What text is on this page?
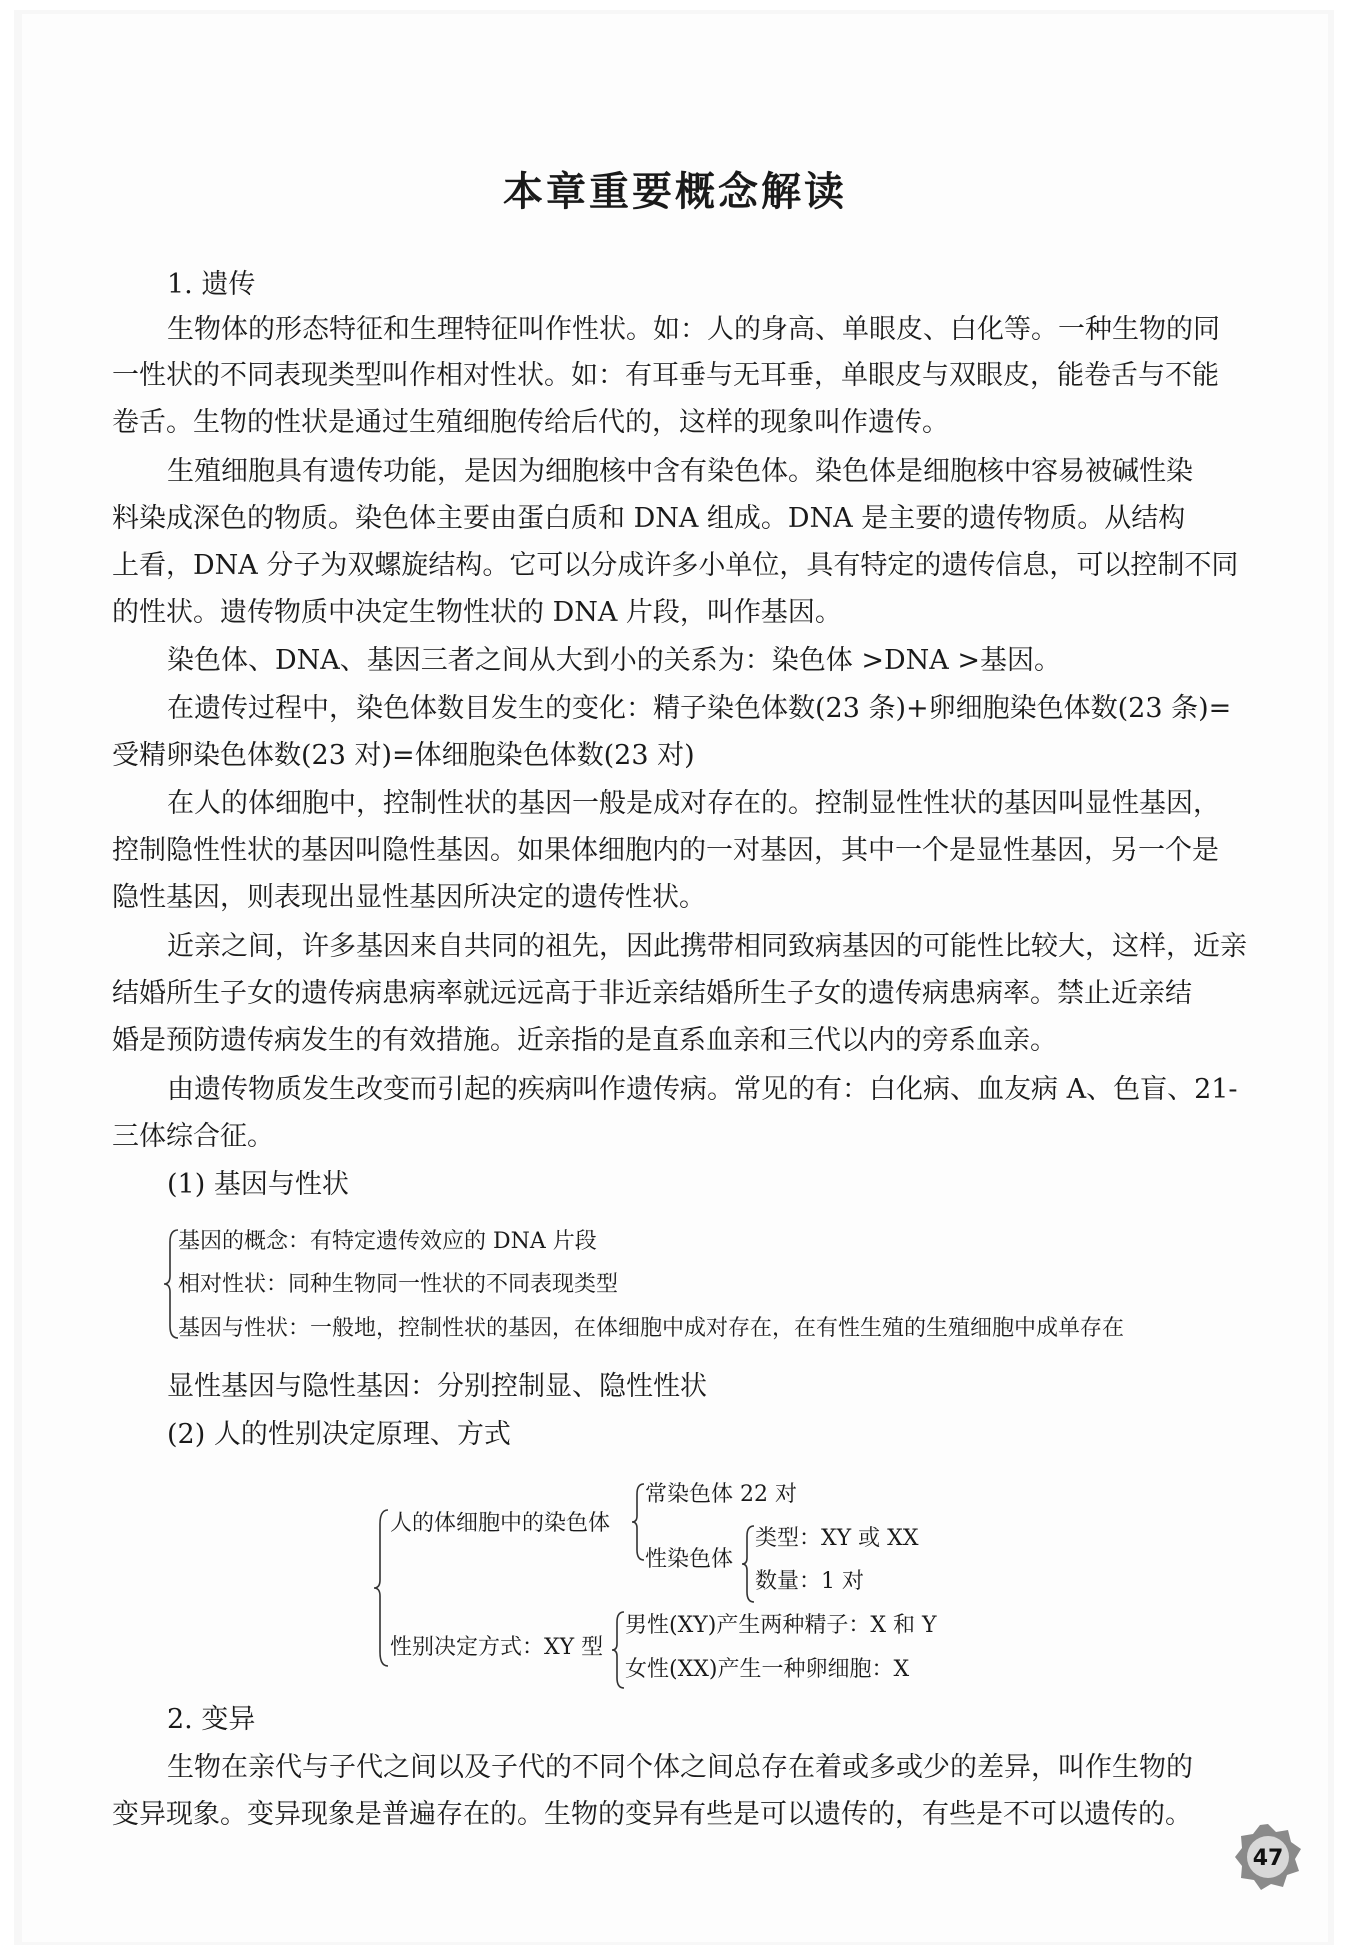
本章重要概念解读
1. 遗传
生物体的形态特征和生理特征叫作性状。如：人的身高、单眼皮、白化等。一种生物的同
一性状的不同表现类型叫作相对性状。如：有耳垂与无耳垂，单眼皮与双眼皮，能卷舌与不能
卷舌。生物的性状是通过生殖细胞传给后代的，这样的现象叫作遗传。
生殖细胞具有遗传功能，是因为细胞核中含有染色体。染色体是细胞核中容易被碱性染
料染成深色的物质。染色体主要由蛋白质和 DNA 组成。DNA 是主要的遗传物质。从结构
上看，DNA 分子为双螺旋结构。它可以分成许多小单位，具有特定的遗传信息，可以控制不同
的性状。遗传物质中决定生物性状的 DNA 片段，叫作基因。
染色体、DNA、基因三者之间从大到小的关系为：染色体 >DNA >基因。
在遗传过程中，染色体数目发生的变化：精子染色体数(23 条)+卵细胞染色体数(23 条)=
受精卵染色体数(23 对)=体细胞染色体数(23 对)
在人的体细胞中，控制性状的基因一般是成对存在的。控制显性性状的基因叫显性基因，
控制隐性性状的基因叫隐性基因。如果体细胞内的一对基因，其中一个是显性基因，另一个是
隐性基因，则表现出显性基因所决定的遗传性状。
近亲之间，许多基因来自共同的祖先，因此携带相同致病基因的可能性比较大，这样，近亲
结婚所生子女的遗传病患病率就远远高于非近亲结婚所生子女的遗传病患病率。禁止近亲结
婚是预防遗传病发生的有效措施。近亲指的是直系血亲和三代以内的旁系血亲。
由遗传物质发生改变而引起的疾病叫作遗传病。常见的有：白化病、血友病 A、色盲、21-
三体综合征。
(1) 基因与性状
基因的概念：有特定遗传效应的 DNA 片段
相对性状：同种生物同一性状的不同表现类型
基因与性状：一般地，控制性状的基因，在体细胞中成对存在，在有性生殖的生殖细胞中成单存在
显性基因与隐性基因：分别控制显、隐性性状
(2) 人的性别决定原理、方式
人的体细胞中的染色体
常染色体 22 对
性染色体
类型：XY 或 XX
数量：1 对
性别决定方式：XY 型
男性(XY)产生两种精子：X 和 Y
女性(XX)产生一种卵细胞：X
2. 变异
生物在亲代与子代之间以及子代的不同个体之间总存在着或多或少的差异，叫作生物的
变异现象。变异现象是普遍存在的。生物的变异有些是可以遗传的，有些是不可以遗传的。
47
